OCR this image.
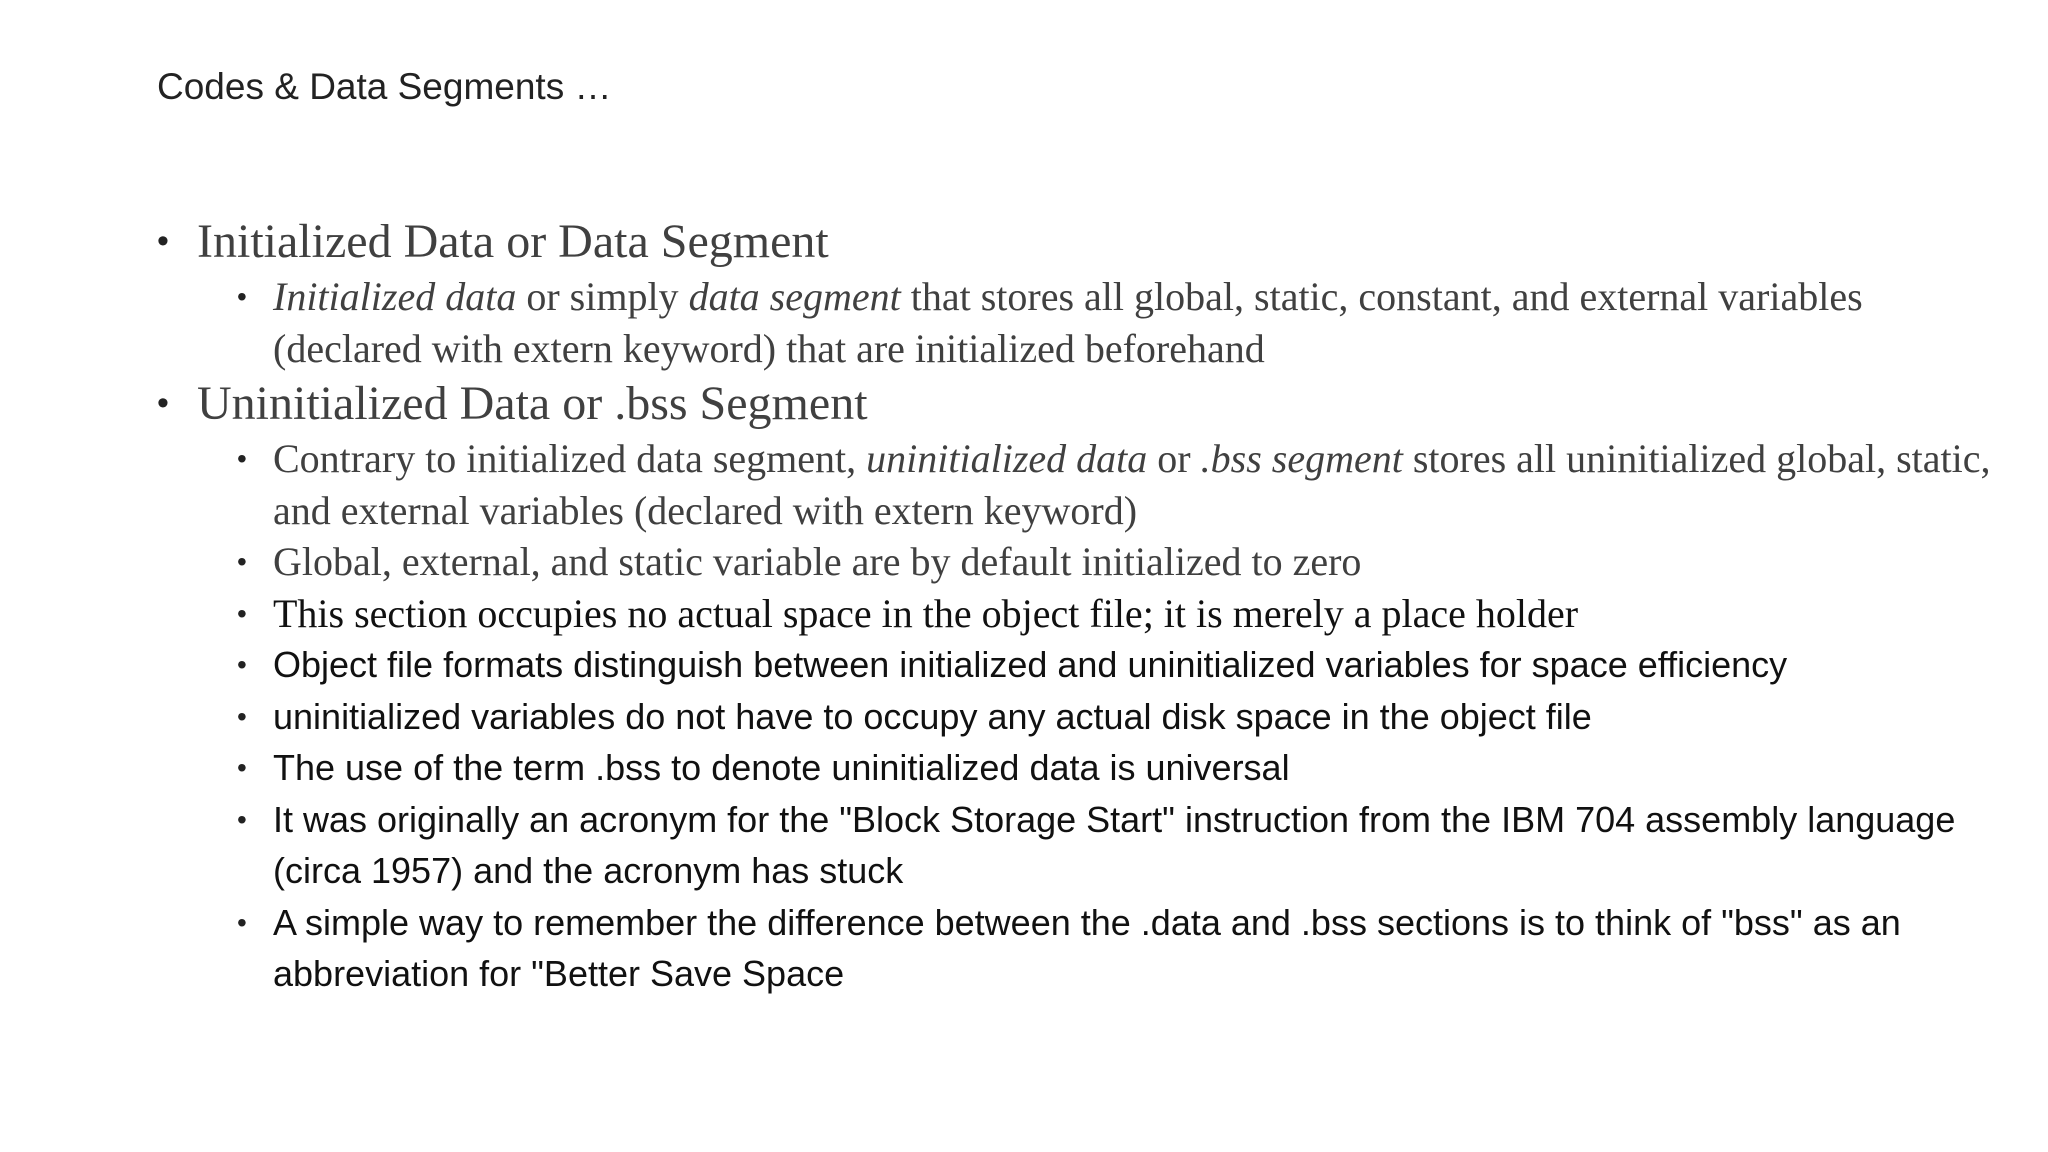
Codes & Data Segments …
• Initialized Data or Data Segment
• Initialized data or simply data segment that stores all global, static, constant, and external variables (declared with extern keyword) that are initialized beforehand
• Uninitialized Data or .bss Segment
• Contrary to initialized data segment, uninitialized data or .bss segment stores all uninitialized global, static, and external variables (declared with extern keyword)
• Global, external, and static variable are by default initialized to zero
• This section occupies no actual space in the object file; it is merely a place holder
• Object file formats distinguish between initialized and uninitialized variables for space efficiency
• uninitialized variables do not have to occupy any actual disk space in the object file
• The use of the term .bss to denote uninitialized data is universal
• It was originally an acronym for the "Block Storage Start" instruction from the IBM 704 assembly language (circa 1957) and the acronym has stuck
• A simple way to remember the difference between the .data and .bss sections is to think of "bss" as an abbreviation for "Better Save Space
